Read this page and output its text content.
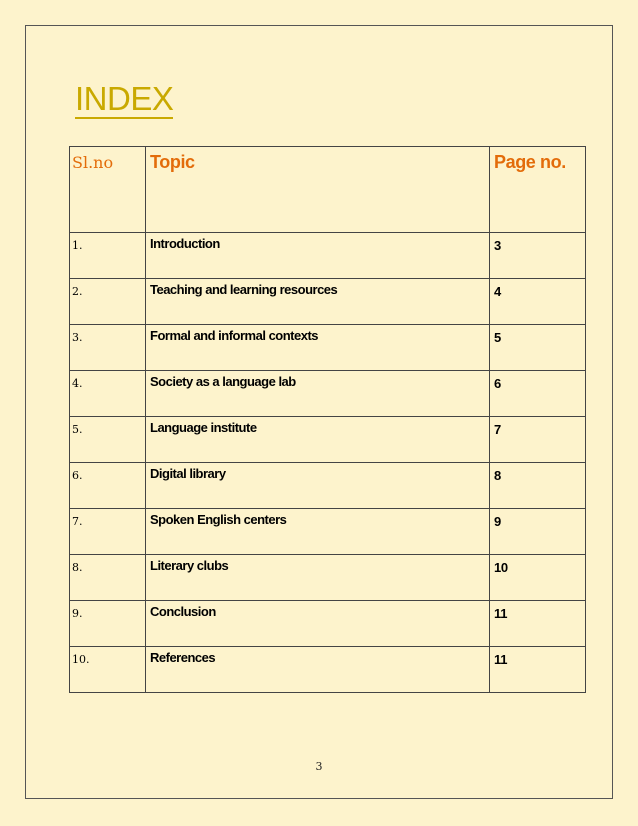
INDEX
Sl.no	Topic	Page no.
1.	Introduction	3
2.	Teaching and learning resources	4
3.	Formal and informal contexts	5
4.	Society as a language lab	6
5.	Language institute	7
6.	Digital library	8
7.	Spoken English centers	9
8.	Literary clubs	10
9.	Conclusion	11
10.	References	11
3
